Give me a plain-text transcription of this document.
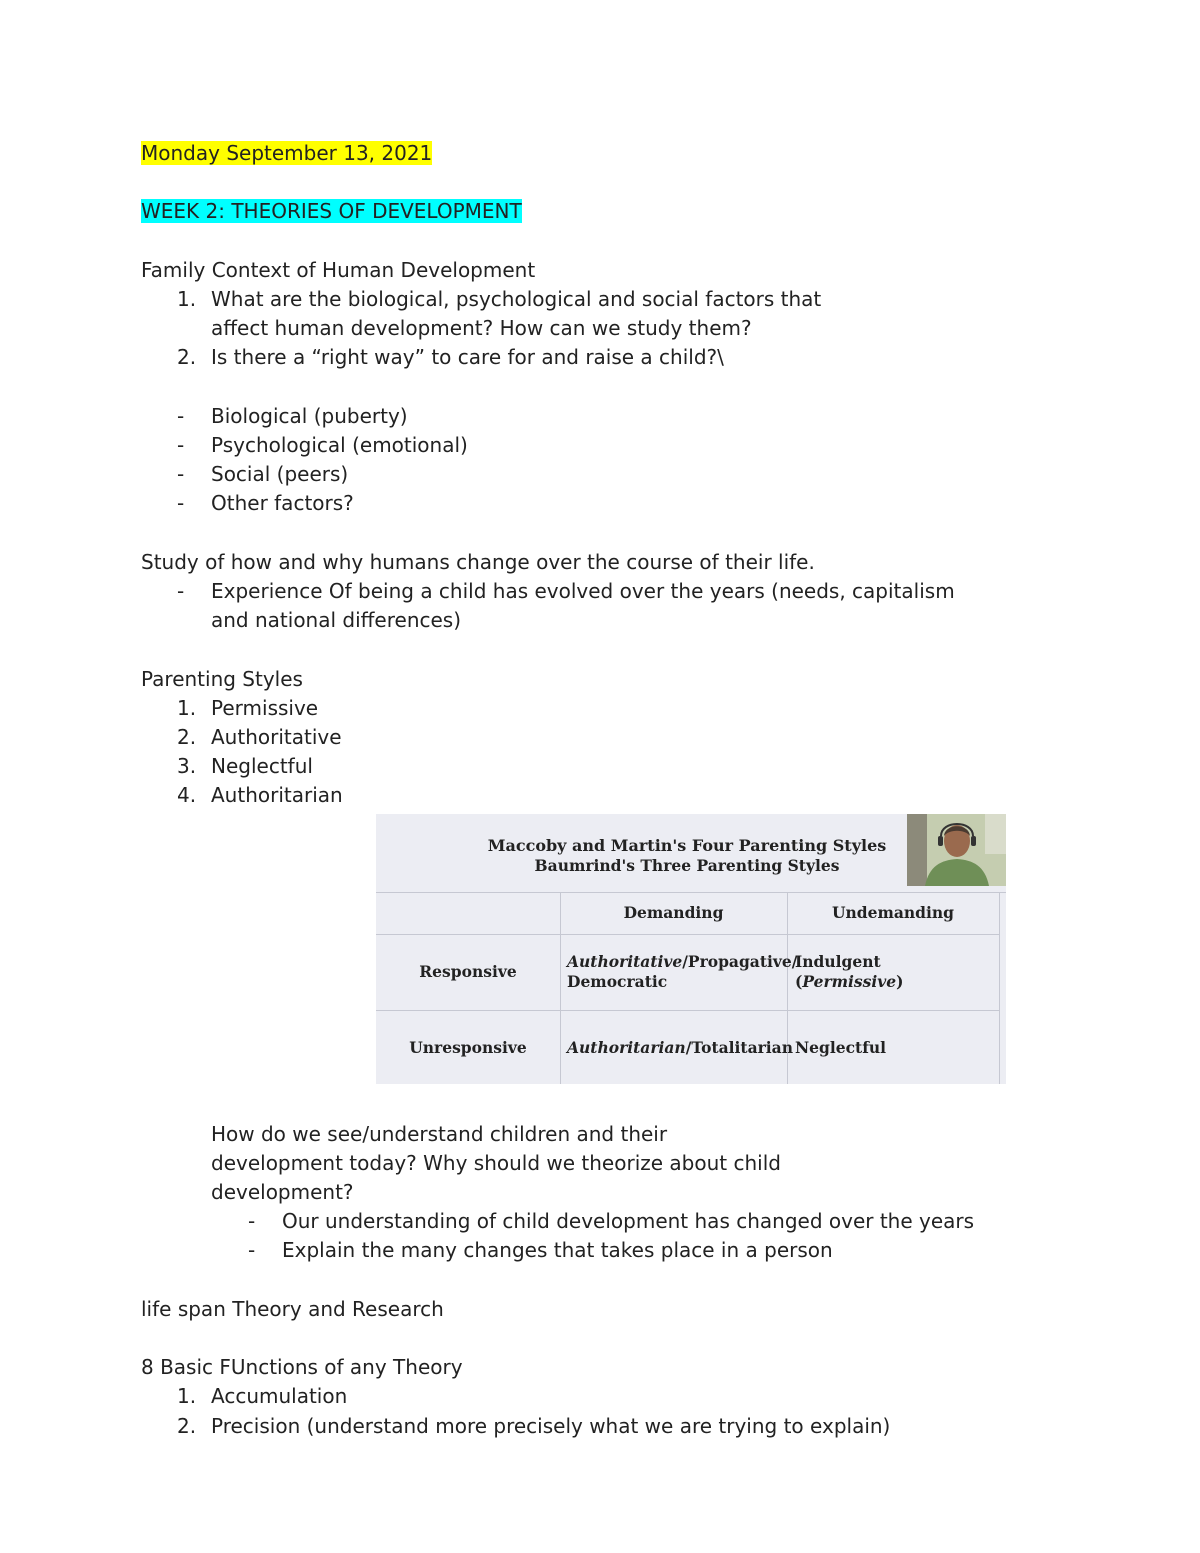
Monday September 13, 2021
WEEK 2: THEORIES OF DEVELOPMENT
Family Context of Human Development
1. What are the biological, psychological and social factors that
affect human development? How can we study them?
2. Is there a “right way” to care for and raise a child?\
- Biological (puberty)
- Psychological (emotional)
- Social (peers)
- Other factors?
Study of how and why humans change over the course of their life.
- Experience Of being a child has evolved over the years (needs, capitalism
and national differences)
Parenting Styles
1. Permissive
2. Authoritative
3. Neglectful
4. Authoritarian
How do we see/understand children and their
development today? Why should we theorize about child
development?
- Our understanding of child development has changed over the years
- Explain the many changes that takes place in a person
life span Theory and Research
8 Basic FUnctions of any Theory
1. Accumulation
2. Precision (understand more precisely what we are trying to explain)
Maccoby and Martin's Four Parenting Styles
Baumrind's Three Parenting Styles
Demanding	Undemanding
Responsive
Authoritative/Propagative/
Democratic
Indulgent
(Permissive)
Unresponsive	Authoritarian/Totalitarian Neglectful
